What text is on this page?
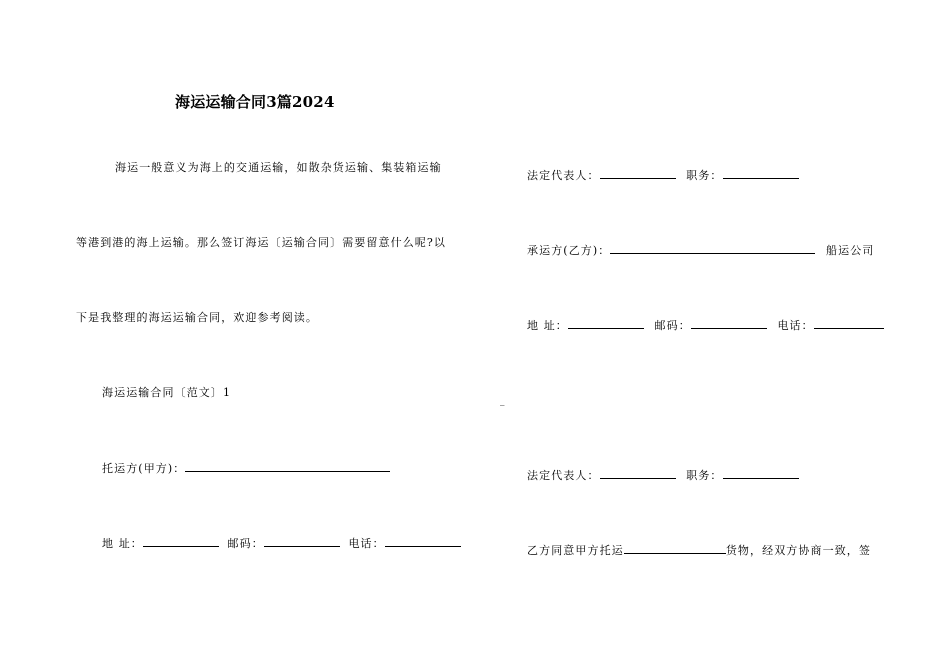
海运运输合同3篇2024
海运一般意义为海上的交通运输，如散杂货运输、集装箱运输
等港到港的海上运输。那么签订海运〔运输合同〕需要留意什么呢?以
下是我整理的海运运输合同，欢迎参考阅读。
海运运输合同〔范文〕1
托运方(甲方)：
地 址：	邮码：	电话：
_
法定代表人：	职务：
承运方(乙方)：	船运公司
地 址：	邮码：	电话：
法定代表人：	职务：
乙方同意甲方托运	货物，经双方协商一致，签
